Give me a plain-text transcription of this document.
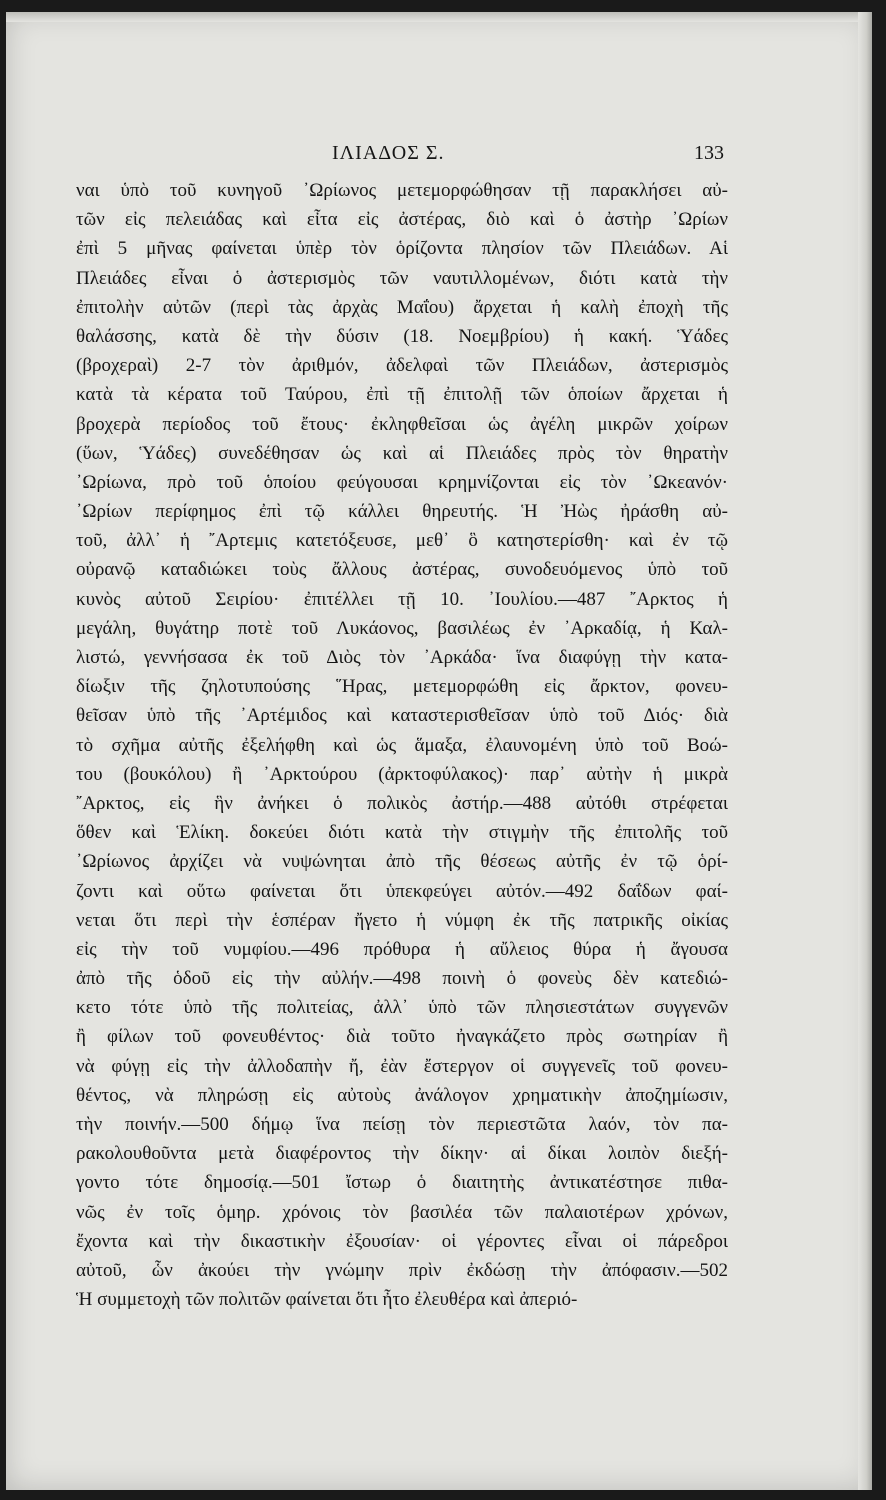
ΙΛΙΑΔΟΣ Σ.	133
ναι ὑπὸ τοῦ κυνηγοῦ ᾿Ωρίωνος μετεμορφώθησαν τῇ παρακλήσει αὐ-
τῶν εἰς πελειάδας καὶ εἶτα εἰς ἀστέρας, διὸ καὶ ὁ ἀστὴρ ᾿Ωρίων
ἐπὶ 5 μῆνας φαίνεται ὑπὲρ τὸν ὁρίζοντα πλησίον τῶν Πλειάδων. Αἱ
Πλειάδες εἶναι ὁ ἀστερισμὸς τῶν ναυτιλλομένων, διότι κατὰ τὴν
ἐπιτολὴν αὐτῶν (περὶ τὰς ἀρχὰς Μαΐου) ἄρχεται ἡ καλὴ ἐποχὴ τῆς
θαλάσσης, κατὰ δὲ τὴν δύσιν (18. Νοεμβρίου) ἡ κακή. Ὑάδες
(βροχεραὶ) 2-7 τὸν ἀριθμόν, ἀδελφαὶ τῶν Πλειάδων, ἀστερισμὸς
κατὰ τὰ κέρατα τοῦ Ταύρου, ἐπὶ τῇ ἐπιτολῇ τῶν ὁποίων ἄρχεται ἡ
βροχερὰ περίοδος τοῦ ἔτους· ἐκληφθεῖσαι ὡς ἀγέλη μικρῶν χοίρων
(ὕων, Ὑάδες) συνεδέθησαν ὡς καὶ αἱ Πλειάδες πρὸς τὸν θηρατὴν
᾿Ωρίωνα, πρὸ τοῦ ὁποίου φεύγουσαι κρημνίζονται εἰς τὸν ᾿Ωκεανόν·
᾿Ωρίων περίφημος ἐπὶ τῷ κάλλει θηρευτής. Ἡ Ἠὼς ἠράσθη αὐ-
τοῦ, ἀλλ᾿ ἡ ῎Αρτεμις κατετόξευσε, μεθ᾿ ὃ κατηστερίσθη· καὶ ἐν τῷ
οὐρανῷ καταδιώκει τοὺς ἄλλους ἀστέρας, συνοδευόμενος ὑπὸ τοῦ
κυνὸς αὐτοῦ Σειρίου· ἐπιτέλλει τῇ 10. ᾿Ιουλίου.—487 ῎Αρκτος ἡ
μεγάλη, θυγάτηρ ποτὲ τοῦ Λυκάονος, βασιλέως ἐν ᾿Αρκαδίᾳ, ἡ Καλ-
λιστώ, γεννήσασα ἐκ τοῦ Διὸς τὸν ᾿Αρκάδα· ἵνα διαφύγῃ τὴν κατα-
δίωξιν τῆς ζηλοτυπούσης ῞Ηρας, μετεμορφώθη εἰς ἄρκτον, φονευ-
θεῖσαν ὑπὸ τῆς ᾿Αρτέμιδος καὶ καταστερισθεῖσαν ὑπὸ τοῦ Διός· διὰ
τὸ σχῆμα αὐτῆς ἐξελήφθη καὶ ὡς ἅμαξα, ἐλαυνομένη ὑπὸ τοῦ Βοώ-
του (βουκόλου) ἢ ᾿Αρκτούρου (ἀρκτοφύλακος)· παρ᾿ αὐτὴν ἡ μικρὰ
῎Αρκτος, εἰς ἣν ἀνήκει ὁ πολικὸς ἀστήρ.—488 αὐτόθι στρέφεται
ὅθεν καὶ Ἑλίκη. δοκεύει διότι κατὰ τὴν στιγμὴν τῆς ἐπιτολῆς τοῦ
᾿Ωρίωνος ἀρχίζει νὰ νυψώνηται ἀπὸ τῆς θέσεως αὐτῆς ἐν τῷ ὁρί-
ζοντι καὶ οὕτω φαίνεται ὅτι ὑπεκφεύγει αὐτόν.—492 δαΐδων φαί-
νεται ὅτι περὶ τὴν ἑσπέραν ἤγετο ἡ νύμφη ἐκ τῆς πατρικῆς οἰκίας
εἰς τὴν τοῦ νυμφίου.—496 πρόθυρα ἡ αὔλειος θύρα ἡ ἄγουσα
ἀπὸ τῆς ὁδοῦ εἰς τὴν αὐλήν.—498 ποινὴ ὁ φονεὺς δὲν κατεδιώ-
κετο τότε ὑπὸ τῆς πολιτείας, ἀλλ᾿ ὑπὸ τῶν πλησιεστάτων συγγενῶν
ἢ φίλων τοῦ φονευθέντος· διὰ τοῦτο ἠναγκάζετο πρὸς σωτηρίαν ἢ
νὰ φύγῃ εἰς τὴν ἀλλοδαπὴν ἤ, ἐὰν ἔστεργον οἱ συγγενεῖς τοῦ φονευ-
θέντος, νὰ πληρώσῃ εἰς αὐτοὺς ἀνάλογον χρηματικὴν ἀποζημίωσιν,
τὴν ποινήν.—500 δήμῳ ἵνα πείσῃ τὸν περιεστῶτα λαόν, τὸν πα-
ρακολουθοῦντα μετὰ διαφέροντος τὴν δίκην· αἱ δίκαι λοιπὸν διεξή-
γοντο τότε δημοσίᾳ.—501 ἴστωρ ὁ διαιτητὴς ἀντικατέστησε πιθα-
νῶς ἐν τοῖς ὁμηρ. χρόνοις τὸν βασιλέα τῶν παλαιοτέρων χρόνων,
ἔχοντα καὶ τὴν δικαστικὴν ἐξουσίαν· οἱ γέροντες εἶναι οἱ πάρεδροι
αὐτοῦ, ὧν ἀκούει τὴν γνώμην πρὶν ἐκδώσῃ τὴν ἀπόφασιν.—502
Ἡ συμμετοχὴ τῶν πολιτῶν φαίνεται ὅτι ἦτο ἐλευθέρα καὶ ἀπεριό-
